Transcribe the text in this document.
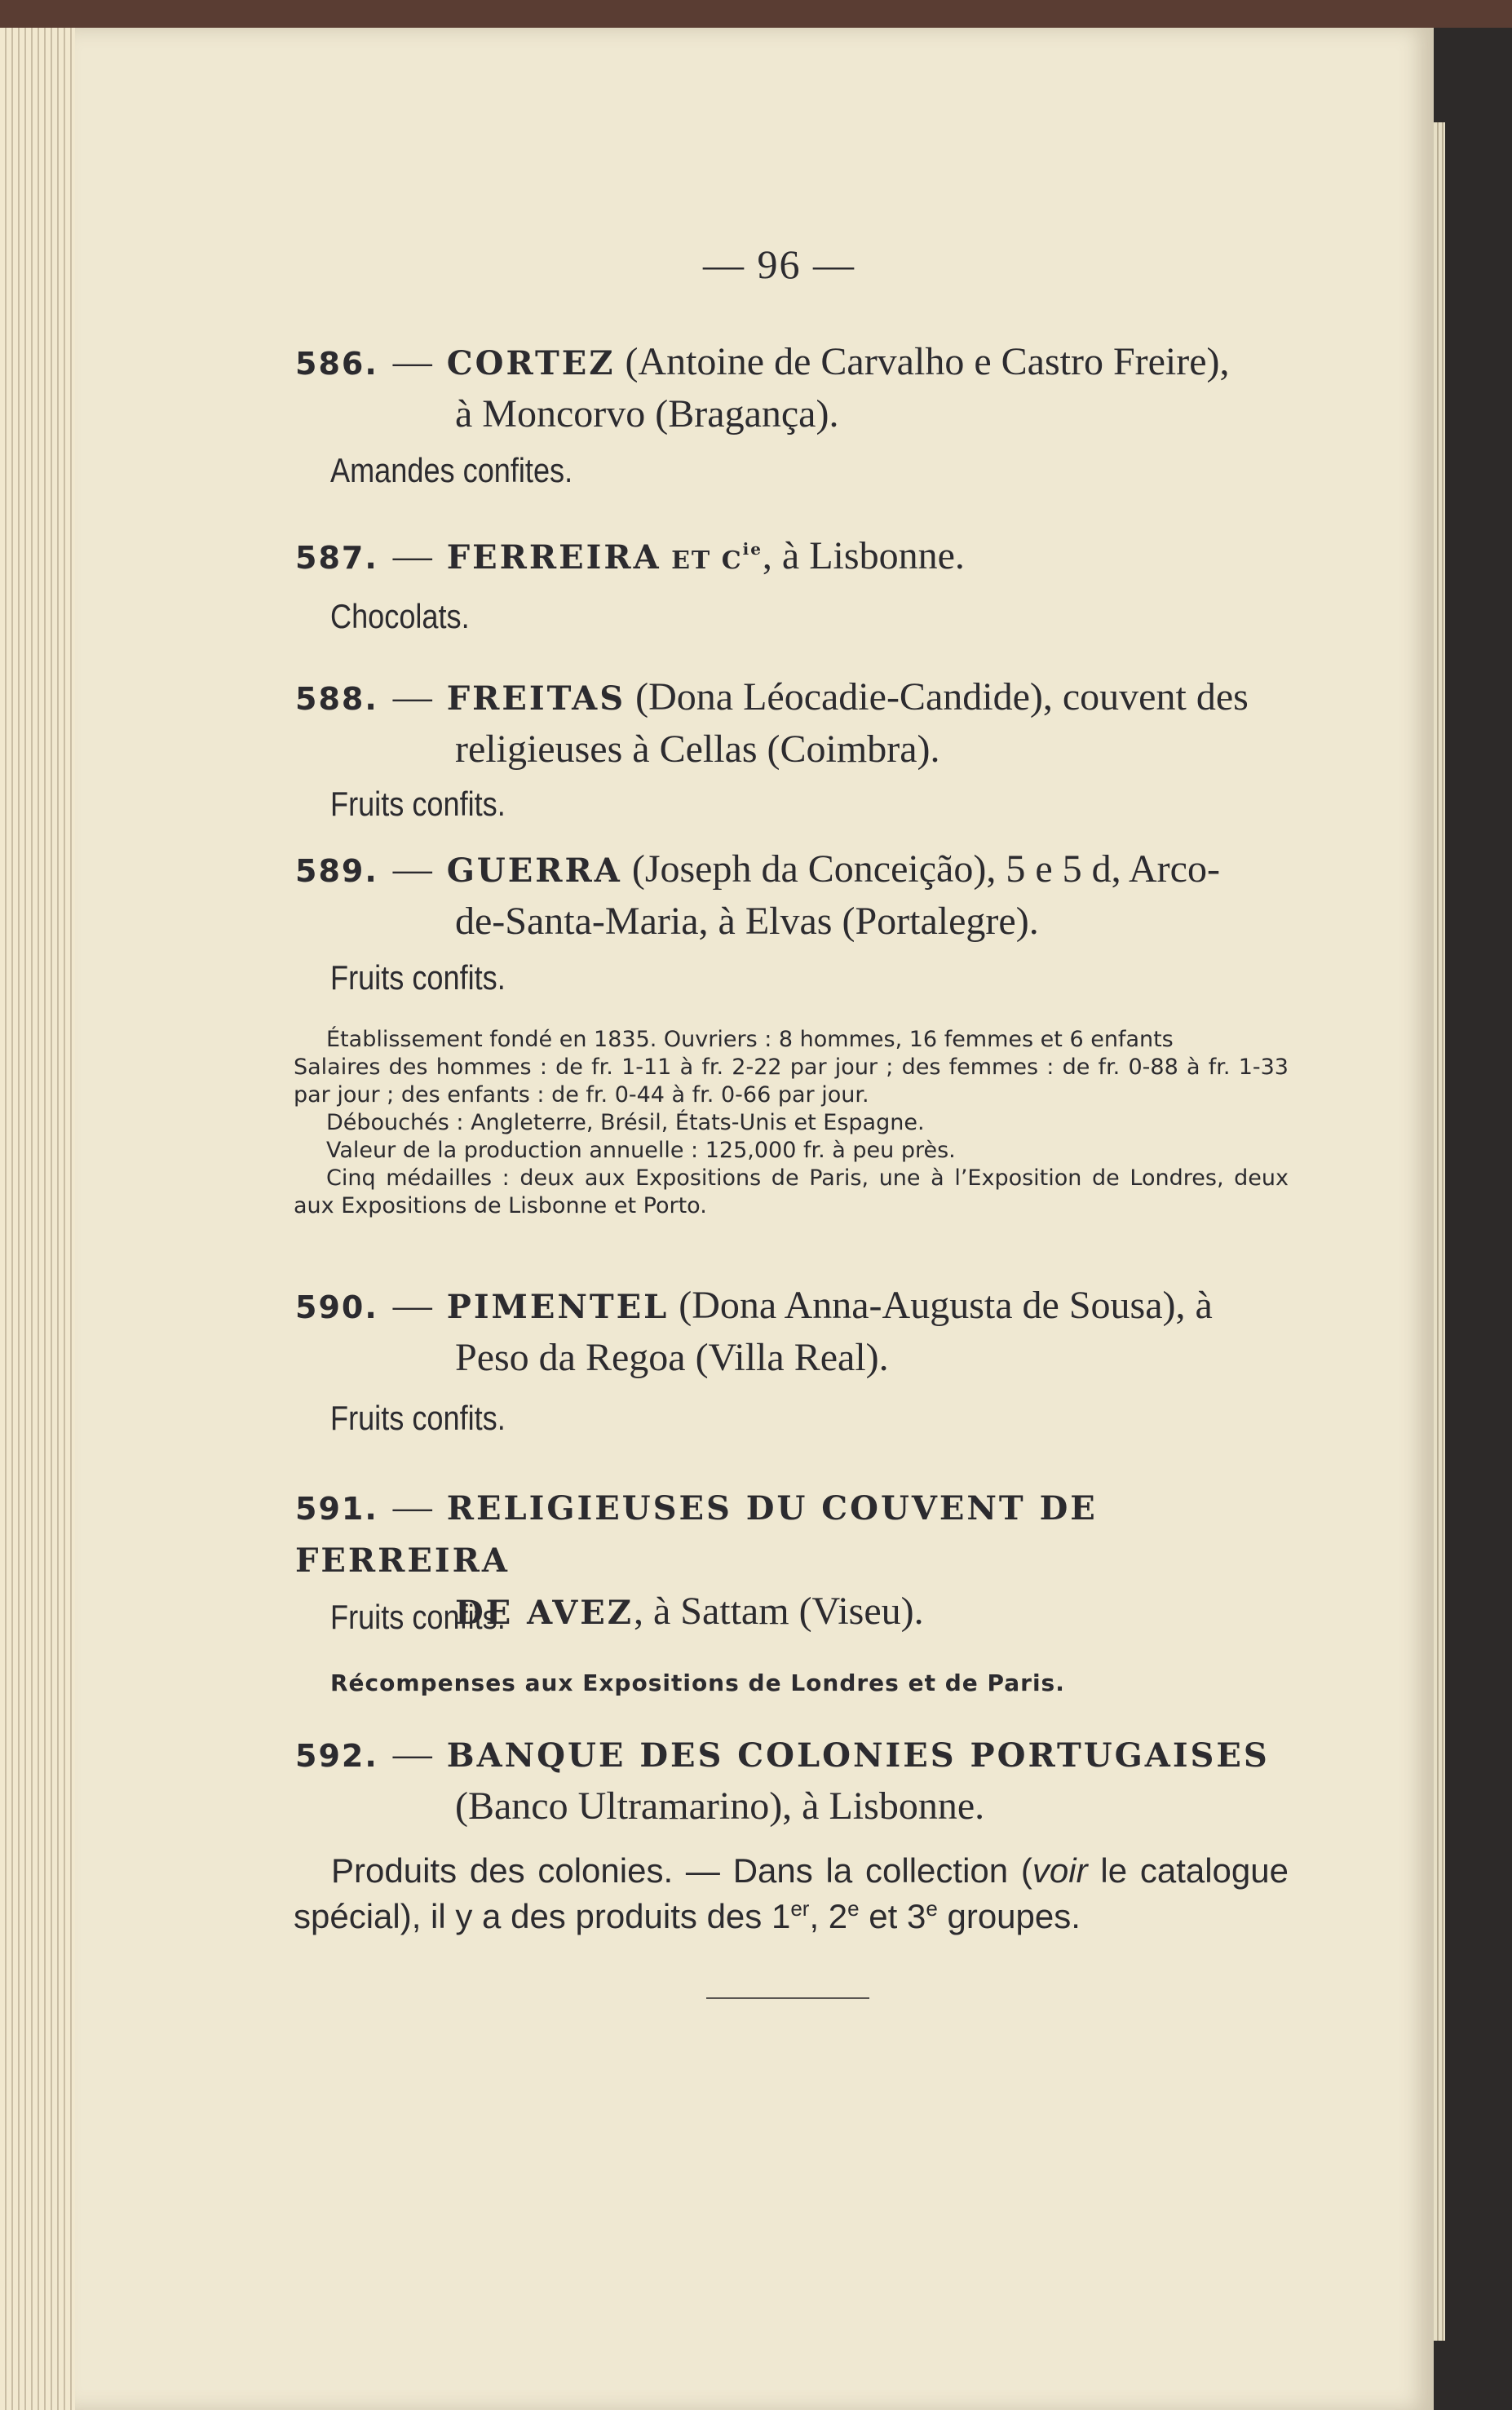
— 96 —
586. — CORTEZ (Antoine de Carvalho e Castro Freire),
à Moncorvo (Bragança).
Amandes confites.
587. — FERREIRA ET $C^{ie}$, à Lisbonne.
Chocolats.
588. — FREITAS (Dona Léocadie-Candide), couvent des
religieuses à Cellas (Coimbra).
Fruits confits.
589. — GUERRA (Joseph da Conceição), 5 e 5 d, Arco-
de-Santa-Maria, à Elvas (Portalegre).
Fruits confits.

Établissement fondé en 1835. Ouvriers : 8 hommes, 16 femmes et 6 enfants

Salaires des hommes : de fr. 1-11 à fr. 2-22 par jour ; des femmes : de fr. 0-88 à fr. 1-33 par jour ; des enfants : de fr. 0-44 à fr. 0-66 par jour.

Débouchés : Angleterre, Brésil, États-Unis et Espagne.

Valeur de la production annuelle : 125,000 fr. à peu près.

Cinq médailles : deux aux Expositions de Paris, une à l’Exposition de Londres, deux aux Expositions de Lisbonne et Porto.

590. — PIMENTEL (Dona Anna-Augusta de Sousa), à
Peso da Regoa (Villa Real).
Fruits confits.
591. — RELIGIEUSES DU COUVENT DE FERREIRA
DE AVEZ, à Sattam (Viseu).
Fruits confits.
Récompenses aux Expositions de Londres et de Paris.
592. — BANQUE DES COLONIES PORTUGAISES
(Banco Ultramarino), à Lisbonne.
Produits des colonies. — Dans la collection (voir le catalogue spécial), il y a des produits des 1er, 2e et 3e groupes.
